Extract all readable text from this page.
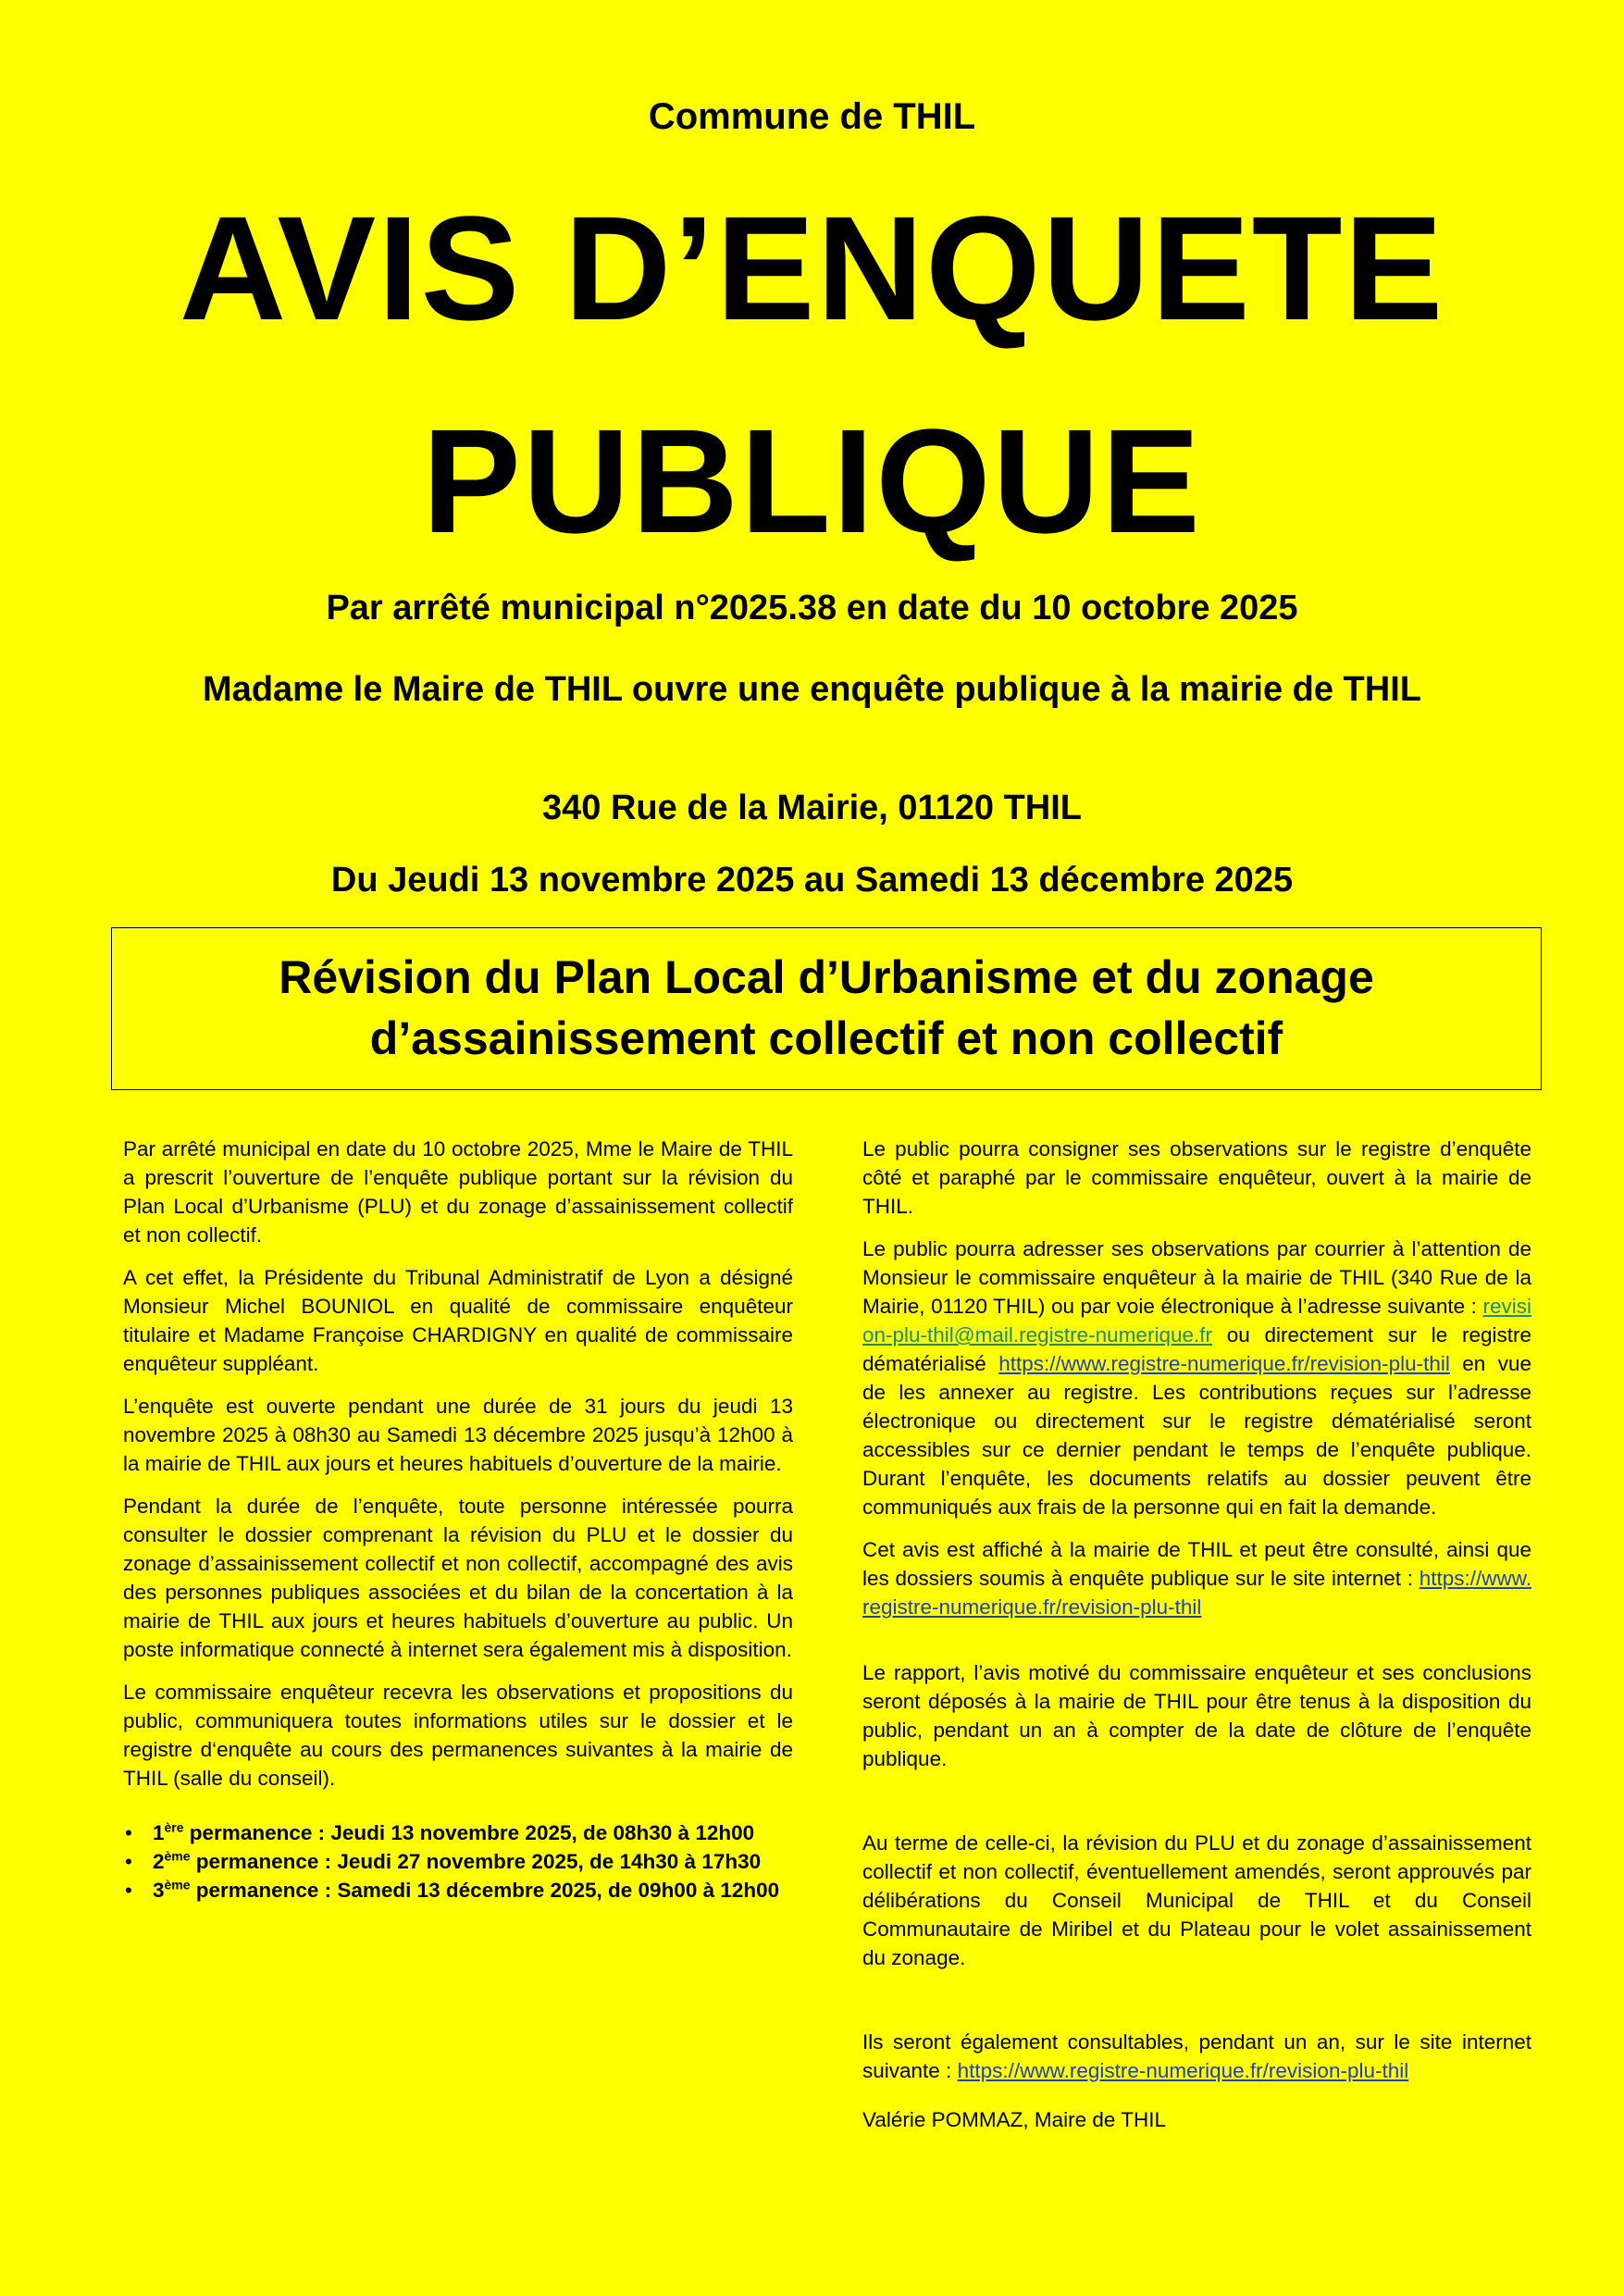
Commune de THIL
AVIS D’ENQUETE
PUBLIQUE
Par arrêté municipal n°2025.38 en date du 10 octobre 2025
Madame le Maire de THIL ouvre une enquête publique à la mairie de THIL
340 Rue de la Mairie, 01120 THIL
Du Jeudi 13 novembre 2025 au Samedi 13 décembre 2025
Révision du Plan Local d’Urbanisme et du zonage
d’assainissement collectif et non collectif

Par arrêté municipal en date du 10 octobre 2025, Mme le Maire de THIL a prescrit l’ouverture de l’enquête publique portant sur la révision du Plan Local d’Urbanisme (PLU) et du zonage d’assainissement collectif et non collectif.

A cet effet, la Présidente du Tribunal Administratif de Lyon a désigné Monsieur Michel BOUNIOL en qualité de commissaire enquêteur titulaire et Madame Françoise CHARDIGNY en qualité de commissaire enquêteur suppléant.

L’enquête est ouverte pendant une durée de 31 jours du jeudi 13 novembre 2025 à 08h30 au Samedi 13 décembre 2025 jusqu’à 12h00 à la mairie de THIL aux jours et heures habituels d’ouverture de la mairie.

Pendant la durée de l’enquête, toute personne intéressée pourra consulter le dossier comprenant la révision du PLU et le dossier du zonage d’assainissement collectif et non collectif, accompagné des avis des personnes publiques associées et du bilan de la concertation à la mairie de THIL aux jours et heures habituels d’ouverture au public. Un poste informatique connecté à internet sera également mis à disposition.

Le commissaire enquêteur recevra les observations et propositions du public, communiquera toutes informations utiles sur le dossier et le registre d‘enquête au cours des permanences suivantes à la mairie de THIL (salle du conseil).

• 1ère permanence : Jeudi 13 novembre 2025, de 08h30 à 12h00
• 2ème permanence : Jeudi 27 novembre 2025, de 14h30 à 17h30
• 3ème permanence : Samedi 13 décembre 2025, de 09h00 à 12h00

Le public pourra consigner ses observations sur le registre d’enquête côté et paraphé par le commissaire enquêteur, ouvert à la mairie de THIL.

Le public pourra adresser ses observations par courrier à l’attention de Monsieur le commissaire enquêteur à la mairie de THIL (340 Rue de la Mairie, 01120 THIL) ou par voie électronique à l’adresse suivante : revision-plu-thil@mail.registre-numerique.fr ou directement sur le registre dématérialisé https://www.registre-numerique.fr/revision-plu-thil en vue de les annexer au registre. Les contributions reçues sur l’adresse électronique ou directement sur le registre dématérialisé seront accessibles sur ce dernier pendant le temps de l’enquête publique. Durant l’enquête, les documents relatifs au dossier peuvent être communiqués aux frais de la personne qui en fait la demande.

Cet avis est affiché à la mairie de THIL et peut être consulté, ainsi que les dossiers soumis à enquête publique sur le site internet : https://www.registre-numerique.fr/revision-plu-thil

Le rapport, l’avis motivé du commissaire enquêteur et ses conclusions seront déposés à la mairie de THIL pour être tenus à la disposition du public, pendant un an à compter de la date de clôture de l’enquête publique.

Au terme de celle-ci, la révision du PLU et du zonage d’assainissement collectif et non collectif, éventuellement amendés, seront approuvés par délibérations du Conseil Municipal de THIL et du Conseil Communautaire de Miribel et du Plateau pour le volet assainissement du zonage.

Ils seront également consultables, pendant un an, sur le site internet suivante : https://www.registre-numerique.fr/revision-plu-thil

Valérie POMMAZ, Maire de THIL
